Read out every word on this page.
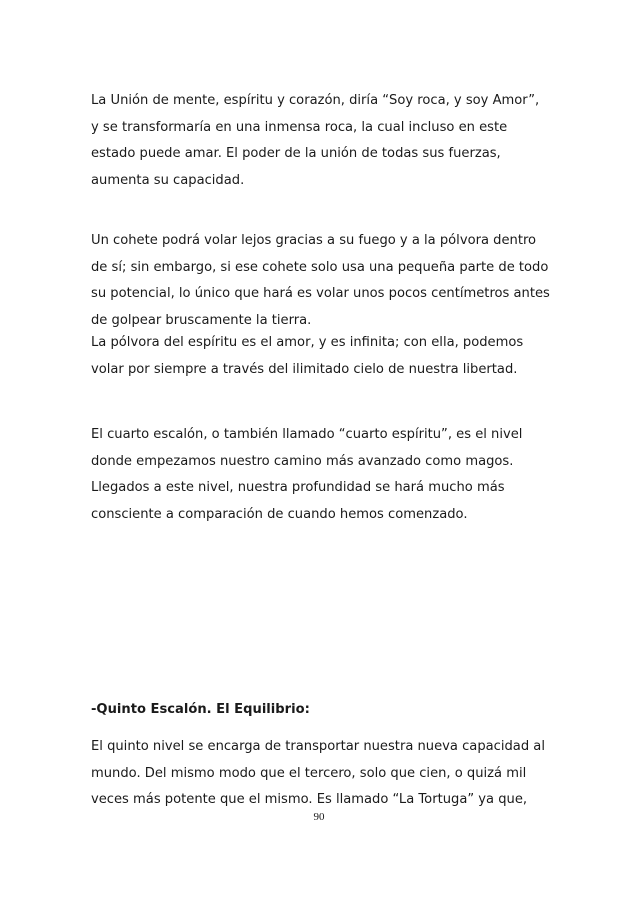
La Unión de mente, espíritu y corazón, diría “Soy roca, y soy Amor”,
y se transformaría en una inmensa roca, la cual incluso en este
estado puede amar. El poder de la unión de todas sus fuerzas,
aumenta su capacidad.

Un cohete podrá volar lejos gracias a su fuego y a la pólvora dentro
de sí; sin embargo, si ese cohete solo usa una pequeña parte de todo
su potencial, lo único que hará es volar unos pocos centímetros antes
de golpear bruscamente la tierra.

La pólvora del espíritu es el amor, y es infinita; con ella, podemos
volar por siempre a través del ilimitado cielo de nuestra libertad.

El cuarto escalón, o también llamado “cuarto espíritu”, es el nivel
donde empezamos nuestro camino más avanzado como magos.
Llegados a este nivel, nuestra profundidad se hará mucho más
consciente a comparación de cuando hemos comenzado.

-Quinto Escalón. El Equilibrio:

El quinto nivel se encarga de transportar nuestra nueva capacidad al
mundo. Del mismo modo que el tercero, solo que cien, o quizá mil
veces más potente que el mismo. Es llamado “La Tortuga” ya que,

90
